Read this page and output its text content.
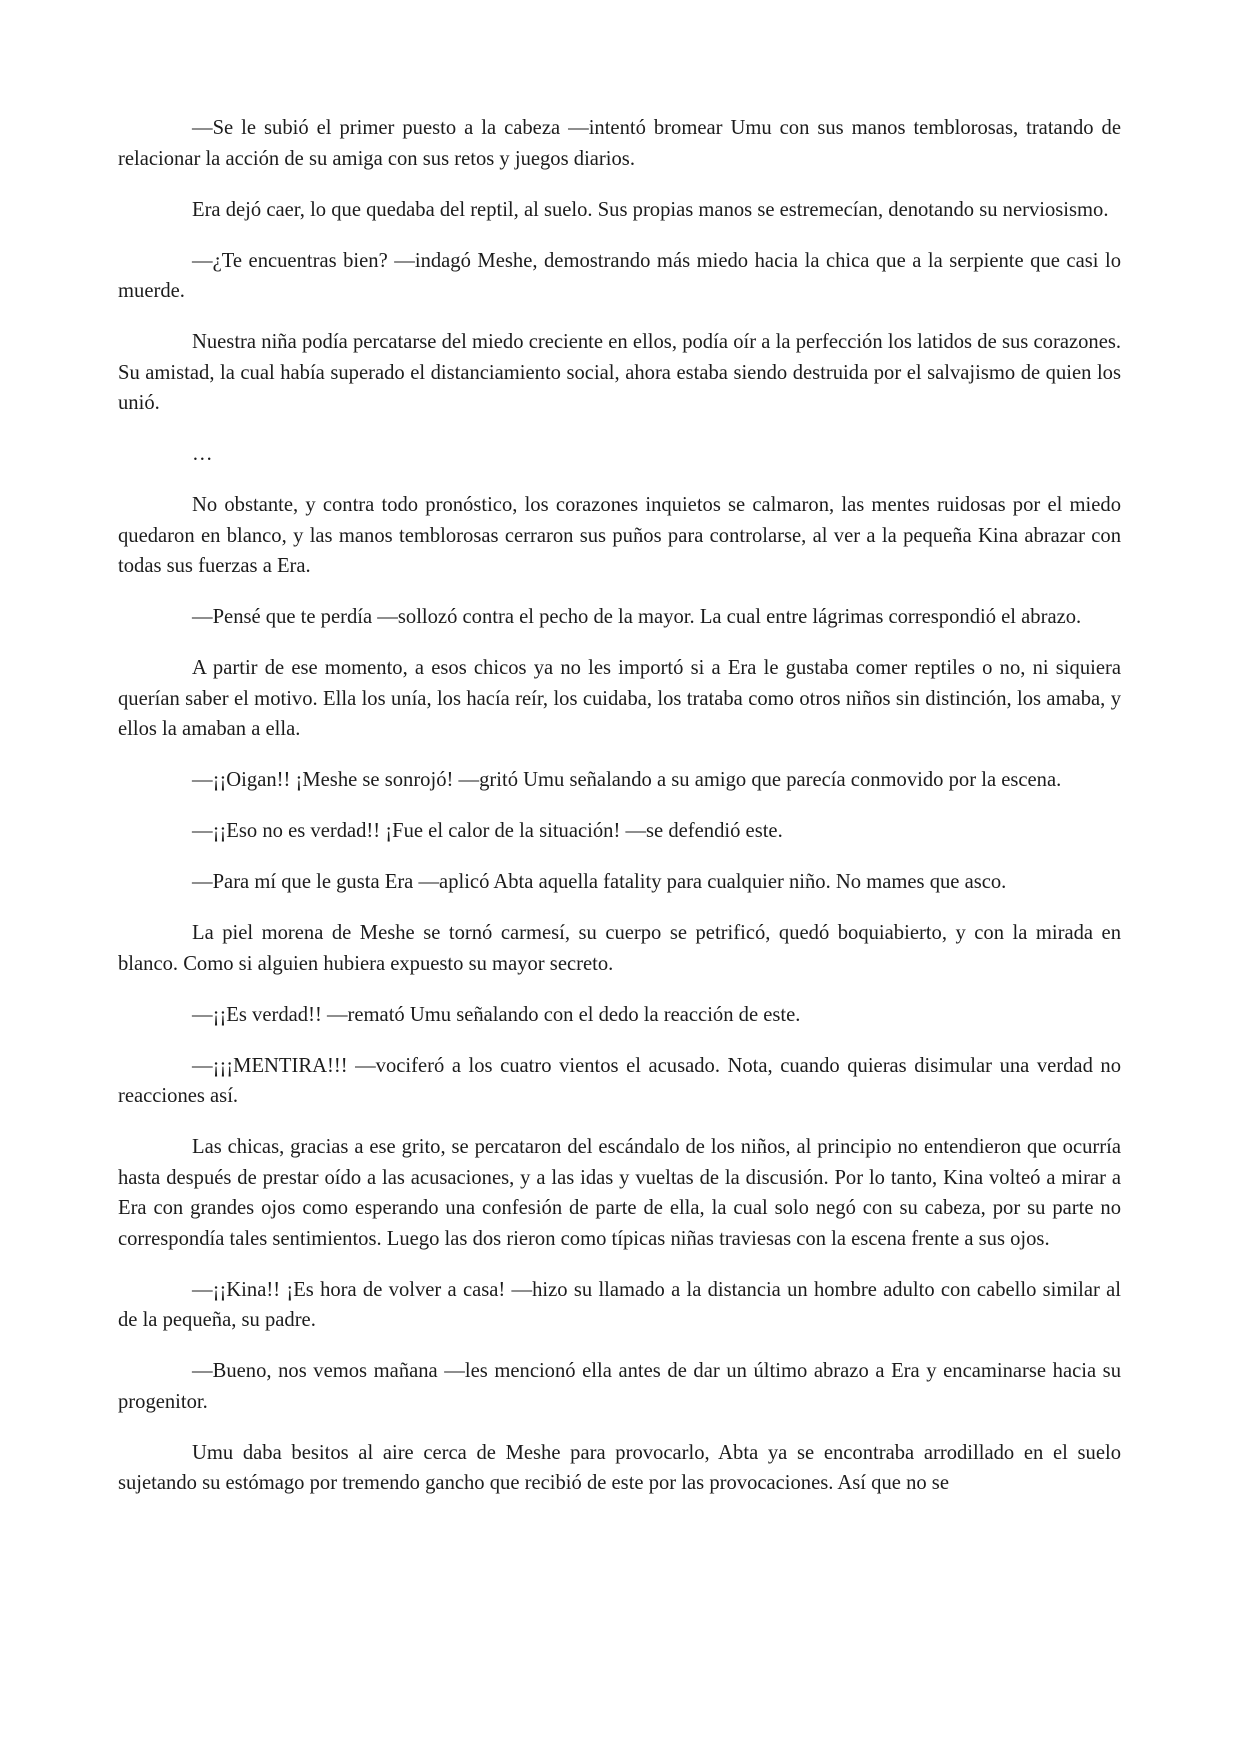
—Se le subió el primer puesto a la cabeza —intentó bromear Umu con sus manos temblorosas, tratando de relacionar la acción de su amiga con sus retos y juegos diarios.

Era dejó caer, lo que quedaba del reptil, al suelo. Sus propias manos se estremecían, denotando su nerviosismo.

—¿Te encuentras bien? —indagó Meshe, demostrando más miedo hacia la chica que a la serpiente que casi lo muerde.

Nuestra niña podía percatarse del miedo creciente en ellos, podía oír a la perfección los latidos de sus corazones. Su amistad, la cual había superado el distanciamiento social, ahora estaba siendo destruida por el salvajismo de quien los unió.

…

No obstante, y contra todo pronóstico, los corazones inquietos se calmaron, las mentes ruidosas por el miedo quedaron en blanco, y las manos temblorosas cerraron sus puños para controlarse, al ver a la pequeña Kina abrazar con todas sus fuerzas a Era.

—Pensé que te perdía —sollozó contra el pecho de la mayor. La cual entre lágrimas correspondió el abrazo.

A partir de ese momento, a esos chicos ya no les importó si a Era le gustaba comer reptiles o no, ni siquiera querían saber el motivo. Ella los unía, los hacía reír, los cuidaba, los trataba como otros niños sin distinción, los amaba, y ellos la amaban a ella.

—¡¡Oigan!! ¡Meshe se sonrojó! —gritó Umu señalando a su amigo que parecía conmovido por la escena.

—¡¡Eso no es verdad!! ¡Fue el calor de la situación! —se defendió este.

—Para mí que le gusta Era —aplicó Abta aquella fatality para cualquier niño. No mames que asco.

La piel morena de Meshe se tornó carmesí, su cuerpo se petrificó, quedó boquiabierto, y con la mirada en blanco. Como si alguien hubiera expuesto su mayor secreto.

—¡¡Es verdad!! —remató Umu señalando con el dedo la reacción de este.

—¡¡¡MENTIRA!!! —vociferó a los cuatro vientos el acusado. Nota, cuando quieras disimular una verdad no reacciones así.

Las chicas, gracias a ese grito, se percataron del escándalo de los niños, al principio no entendieron que ocurría hasta después de prestar oído a las acusaciones, y a las idas y vueltas de la discusión. Por lo tanto, Kina volteó a mirar a Era con grandes ojos como esperando una confesión de parte de ella, la cual solo negó con su cabeza, por su parte no correspondía tales sentimientos. Luego las dos rieron como típicas niñas traviesas con la escena frente a sus ojos.

—¡¡Kina!! ¡Es hora de volver a casa! —hizo su llamado a la distancia un hombre adulto con cabello similar al de la pequeña, su padre.

—Bueno, nos vemos mañana —les mencionó ella antes de dar un último abrazo a Era y encaminarse hacia su progenitor.

Umu daba besitos al aire cerca de Meshe para provocarlo, Abta ya se encontraba arrodillado en el suelo sujetando su estómago por tremendo gancho que recibió de este por las provocaciones. Así que no se
